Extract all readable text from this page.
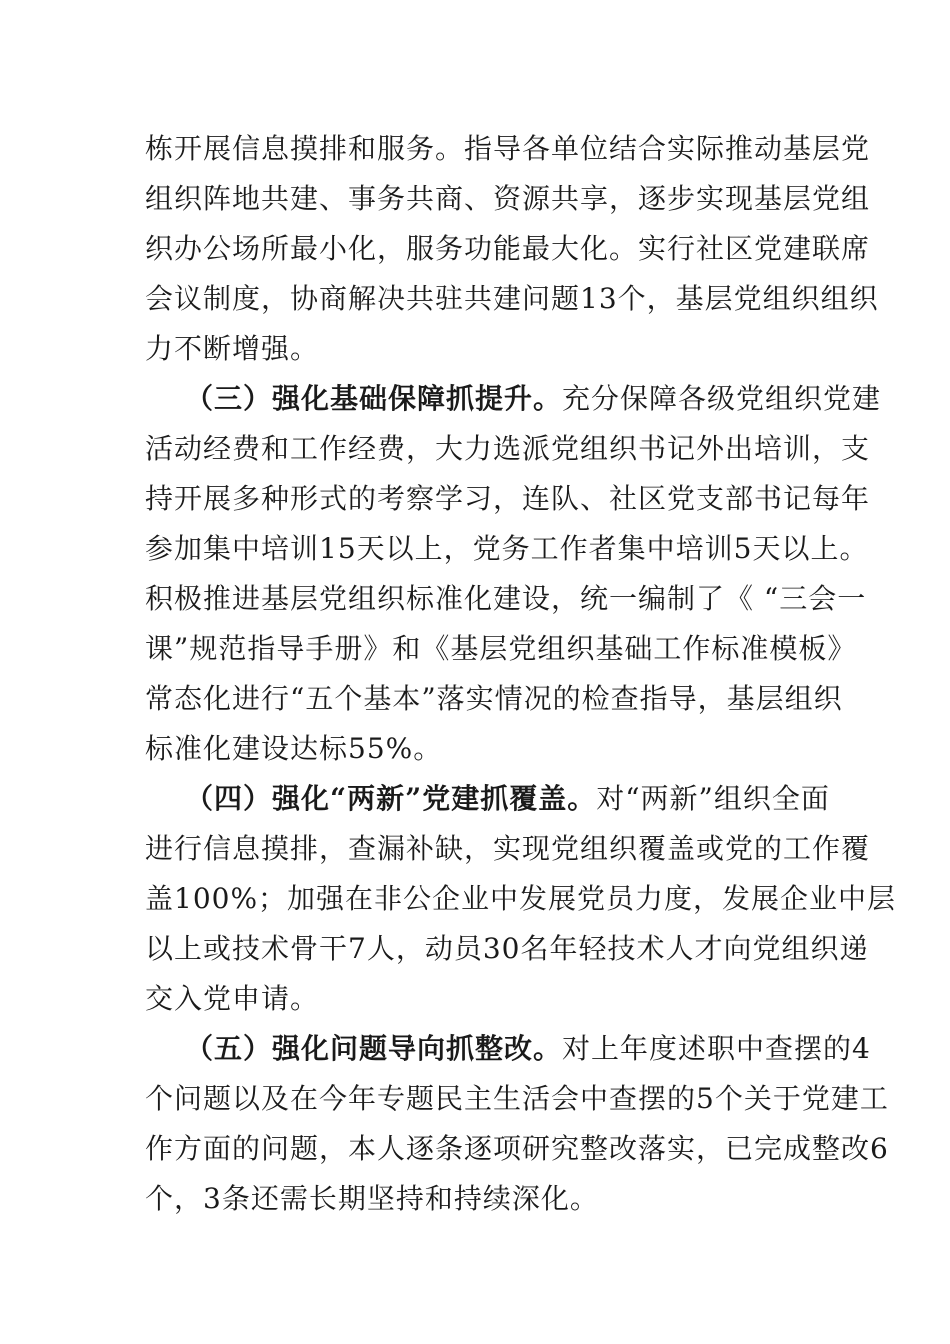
栋开展信息摸排和服务。指导各单位结合实际推动基层党
组织阵地共建、事务共商、资源共享，逐步实现基层党组
织办公场所最小化，服务功能最大化。实行社区党建联席
会议制度，协商解决共驻共建问题13个，基层党组织组织
力不断增强。
（三）强化基础保障抓提升。充分保障各级党组织党建
活动经费和工作经费，大力选派党组织书记外出培训，支
持开展多种形式的考察学习，连队、社区党支部书记每年
参加集中培训15天以上，党务工作者集中培训5天以上。
积极推进基层党组织标准化建设，统一编制了《 “三会一
课”规范指导手册》和《基层党组织基础工作标准模板》
常态化进行“五个基本”落实情况的检查指导，基层组织
标准化建设达标55%。
（四）强化“两新”党建抓覆盖。对“两新”组织全面
进行信息摸排，查漏补缺，实现党组织覆盖或党的工作覆
盖100%；加强在非公企业中发展党员力度，发展企业中层
以上或技术骨干7人，动员30名年轻技术人才向党组织递
交入党申请。
（五）强化问题导向抓整改。对上年度述职中查摆的4
个问题以及在今年专题民主生活会中查摆的5个关于党建工
作方面的问题，本人逐条逐项研究整改落实，已完成整改6
个，3条还需长期坚持和持续深化。
